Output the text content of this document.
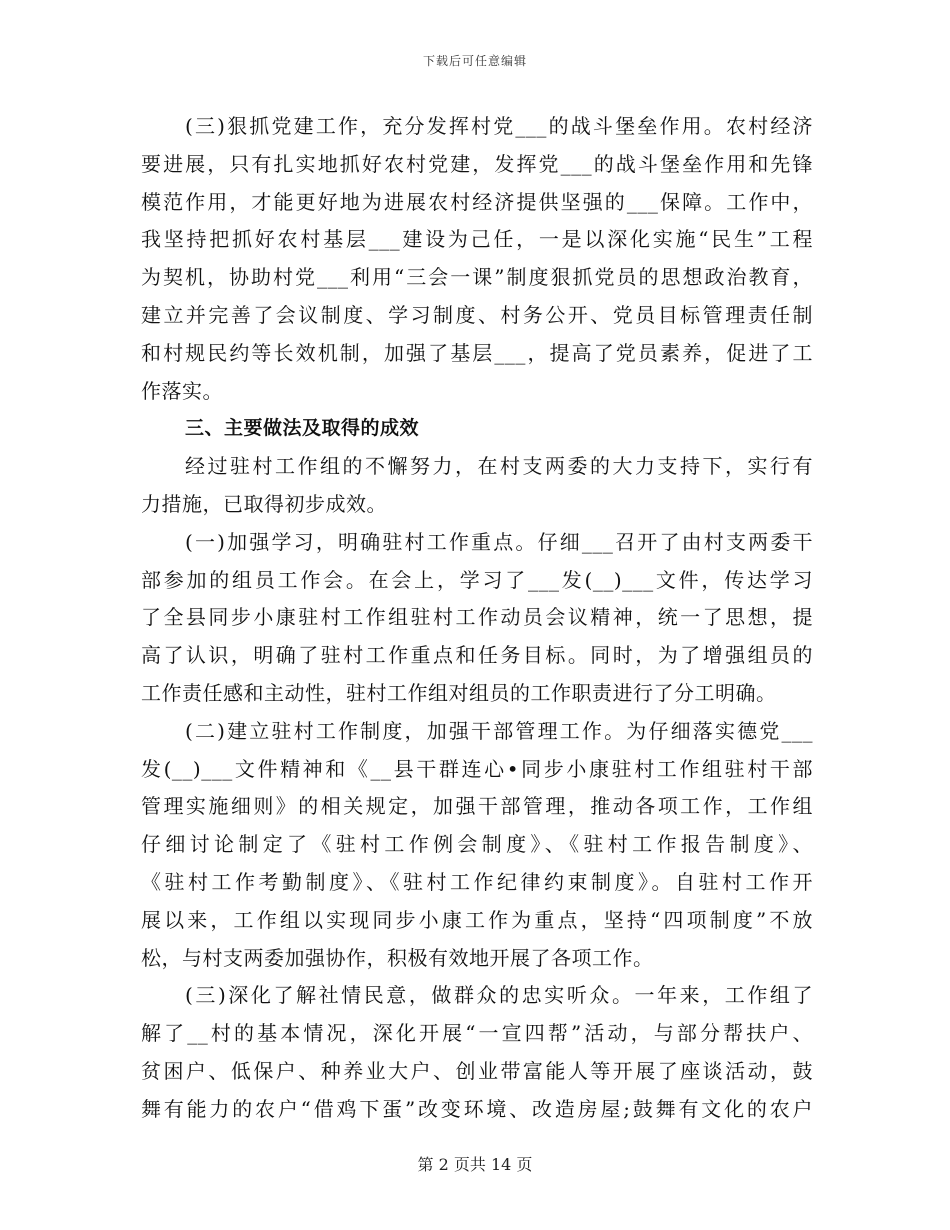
下载后可任意编辑
(三)狠抓党建工作，充分发挥村党___的战斗堡垒作用。农村经济
要进展，只有扎实地抓好农村党建，发挥党___的战斗堡垒作用和先锋
模范作用，才能更好地为进展农村经济提供坚强的___保障。工作中，
我坚持把抓好农村基层___建设为己任，一是以深化实施“民生”工程
为契机，协助村党___利用“三会一课”制度狠抓党员的思想政治教育，
建立并完善了会议制度、学习制度、村务公开、党员目标管理责任制
和村规民约等长效机制，加强了基层___，提高了党员素养，促进了工
作落实。
三、主要做法及取得的成效
经过驻村工作组的不懈努力，在村支两委的大力支持下，实行有
力措施，已取得初步成效。
(一)加强学习，明确驻村工作重点。仔细___召开了由村支两委干
部参加的组员工作会。在会上，学习了___发(__)___文件，传达学习
了全县同步小康驻村工作组驻村工作动员会议精神，统一了思想，提
高了认识，明确了驻村工作重点和任务目标。同时，为了增强组员的
工作责任感和主动性，驻村工作组对组员的工作职责进行了分工明确。
(二)建立驻村工作制度，加强干部管理工作。为仔细落实德党___
发(__)___文件精神和《__县干群连心•同步小康驻村工作组驻村干部
管理实施细则》的相关规定，加强干部管理，推动各项工作，工作组
仔细讨论制定了《驻村工作例会制度》、《驻村工作报告制度》、
《驻村工作考勤制度》、《驻村工作纪律约束制度》。自驻村工作开
展以来，工作组以实现同步小康工作为重点，坚持“四项制度”不放
松，与村支两委加强协作，积极有效地开展了各项工作。
(三)深化了解社情民意，做群众的忠实听众。一年来，工作组了
解了__村的基本情况，深化开展“一宣四帮”活动，与部分帮扶户、
贫困户、低保户、种养业大户、创业带富能人等开展了座谈活动，鼓
舞有能力的农户“借鸡下蛋”改变环境、改造房屋;鼓舞有文化的农户
第 2 页共 14 页
